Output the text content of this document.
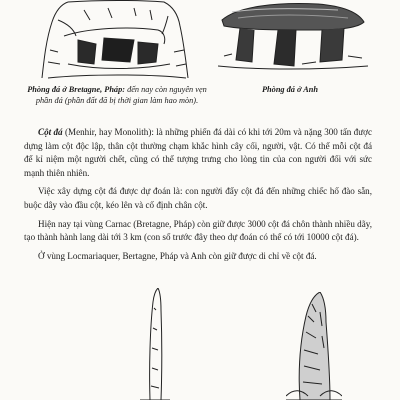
Phòng đá ở Bretagne, Pháp: đến nay còn nguyên vẹn phần đá (phần đất đã bị thời gian làm hao mòn).
Phòng đá ở Anh

Cột đá (Menhir, hay Monolith): là những phiến đá dài có khi tới 20m và nặng 300 tấn được dựng làm cột độc lập, thân cột thường chạm khắc hình cây cối, người, vật. Có thể mỗi cột đá để kỉ niệm một người chết, cũng có thể tượng trưng cho lòng tin của con người đối với sức mạnh thiên nhiên.

Việc xây dựng cột đá được dự đoán là: con người đẩy cột đá đến những chiếc hố đào sẵn, buộc dây vào đầu cột, kéo lên và cố định chân cột.

Hiện nay tại vùng Carnac (Bretagne, Pháp) còn giữ được 3000 cột đá chôn thành nhiều dãy, tạo thành hành lang dài tới 3 km (con số trước đây theo dự đoán có thể có tới 10000 cột đá).

Ở vùng Locmariaquer, Bertagne, Pháp và Anh còn giữ được di chỉ về cột đá.
